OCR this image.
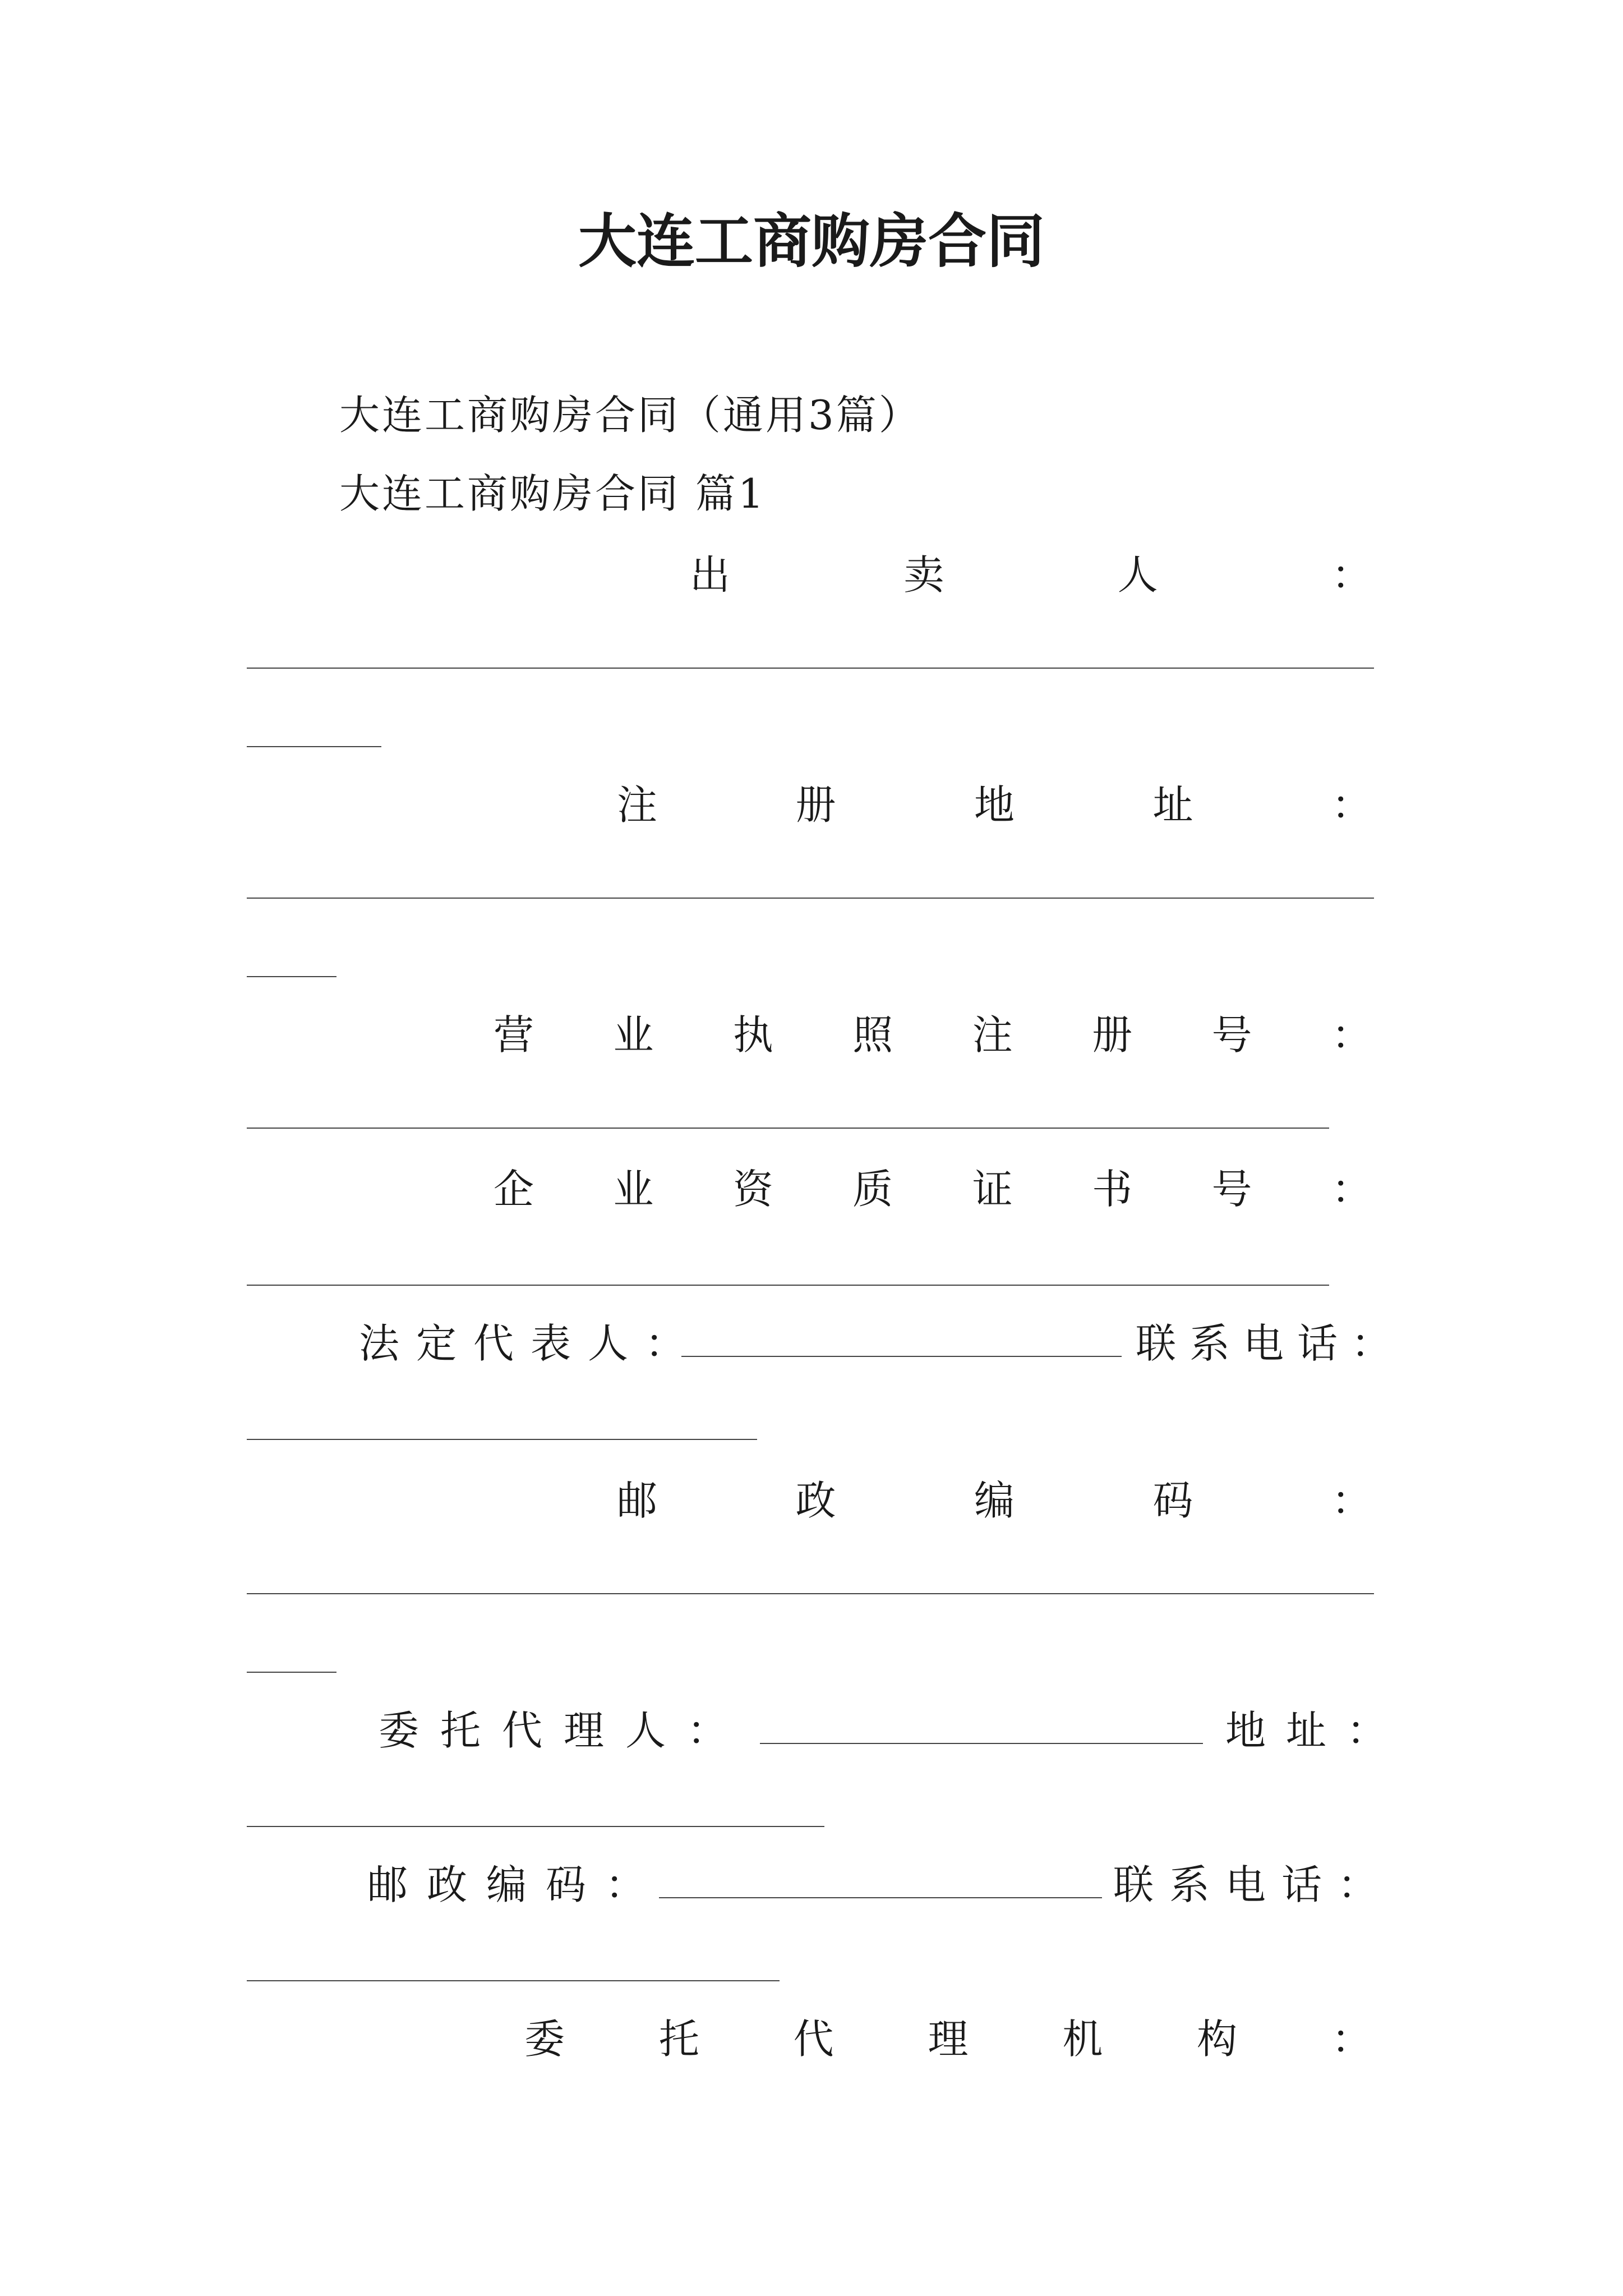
大连工商购房合同
大连工商购房合同（通用3篇）
大连工商购房合同 篇1
出	卖	人	：
注	册	地	址	：
营 业 执 照 注 册 号 ：
企 业 资 质 证 书 号 ：
法定代表人：	联系电话：
邮	政	编	码	：
委托代理人：	地址：
邮政编码：	联系电话：
委 托 代 理 机 构 ：
